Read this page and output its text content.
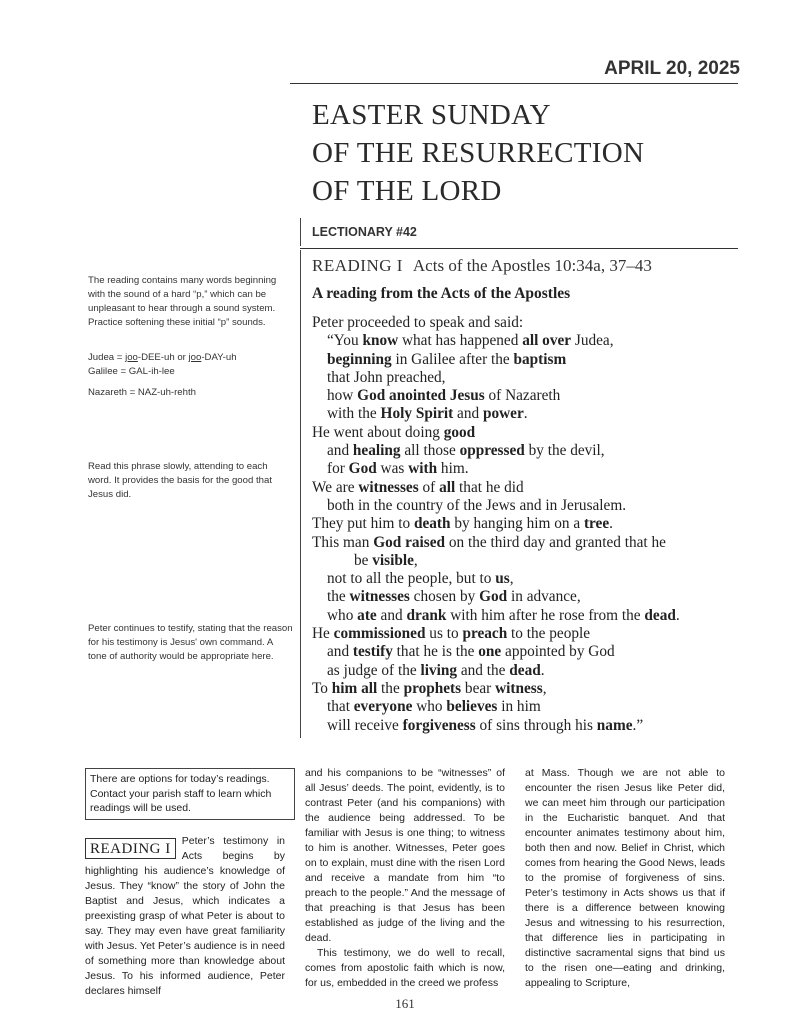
APRIL 20, 2025
EASTER SUNDAY
OF THE RESURRECTION
OF THE LORD
LECTIONARY #42
READING I Acts of the Apostles 10:34a, 37–43
A reading from the Acts of the Apostles
Peter proceeded to speak and said:
“You know what has happened all over Judea,
beginning in Galilee after the baptism
that John preached,
how God anointed Jesus of Nazareth
with the Holy Spirit and power.
He went about doing good
and healing all those oppressed by the devil,
for God was with him.
We are witnesses of all that he did
both in the country of the Jews and in Jerusalem.
They put him to death by hanging him on a tree.
This man God raised on the third day and granted that he
be visible,
not to all the people, but to us,
the witnesses chosen by God in advance,
who ate and drank with him after he rose from the dead.
He commissioned us to preach to the people
and testify that he is the one appointed by God
as judge of the living and the dead.
To him all the prophets bear witness,
that everyone who believes in him
will receive forgiveness of sins through his name.”

The reading contains many words beginning with the sound of a hard “p,” which can be unpleasant to hear through a sound system. Practice softening these initial “p” sounds.

Judea = joo-DEE-uh or joo-DAY-uh

Galilee = GAL-ih-lee

Nazareth = NAZ-uh-rehth

Read this phrase slowly, attending to each word. It provides the basis for the good that Jesus did.

Peter continues to testify, stating that the reason for his testimony is Jesus' own command. A tone of authority would be appropriate here.

There are options for today’s readings. Contact your parish staff to learn which readings will be used.
READING I	Peter’s testimony in Acts begins by highlighting his audience’s knowledge of Jesus. They “know” the story of John the Baptist and Jesus, which indicates a preexisting grasp of what Peter is about to say. They may even have great familiarity with Jesus. Yet Peter’s audience is in need of something more than knowledge about Jesus. To his informed audience, Peter declares himself

and his companions to be “witnesses” of all Jesus’ deeds. The point, evidently, is to contrast Peter (and his companions) with the audience being addressed. To be familiar with Jesus is one thing; to witness to him is another. Witnesses, Peter goes on to explain, must dine with the risen Lord and receive a mandate from him “to preach to the people.” And the message of that preaching is that Jesus has been established as judge of the living and the dead.

This testimony, we do well to recall, comes from apostolic faith which is now, for us, embedded in the creed we profess

at Mass. Though we are not able to encounter the risen Jesus like Peter did, we can meet him through our participation in the Eucharistic banquet. And that encounter animates testimony about him, both then and now. Belief in Christ, which comes from hearing the Good News, leads to the promise of forgiveness of sins. Peter’s testimony in Acts shows us that if there is a difference between knowing Jesus and witnessing to his resurrection, that difference lies in participating in distinctive sacramental signs that bind us to the risen one—eating and drinking, appealing to Scripture,

161
